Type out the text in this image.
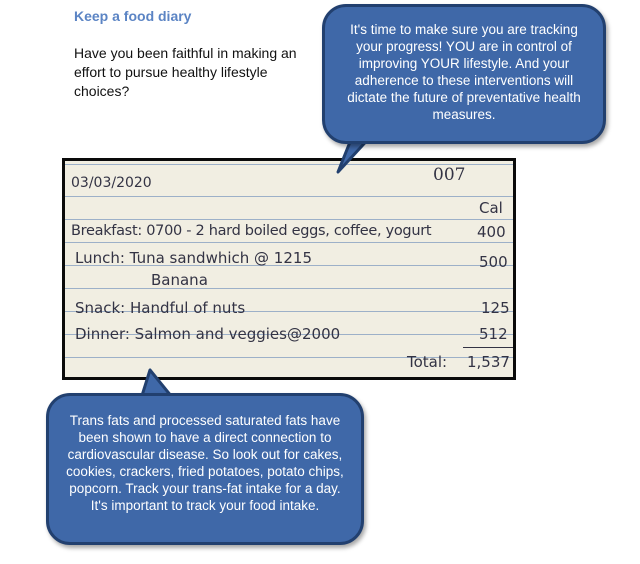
Keep a food diary
Have you been faithful in making an effort to pursue healthy lifestyle choices?
03/03/2020	007
Cal
Breakfast: 0700 - 2 hard boiled eggs, coffee, yogurt	400
Lunch: Tuna sandwhich @ 1215	500
Banana
Snack: Handful of nuts	125
Dinner: Salmon and veggies@2000	512
Total: 1,537
It's time to make sure you are tracking your progress! YOU are in control of improving YOUR lifestyle. And your adherence to these interventions will dictate the future of preventative health measures.
Trans fats and processed saturated fats have been shown to have a direct connection to cardiovascular disease. So look out for cakes, cookies, crackers, fried potatoes, potato chips, popcorn. Track your trans-fat intake for a day. It's important to track your food intake.
